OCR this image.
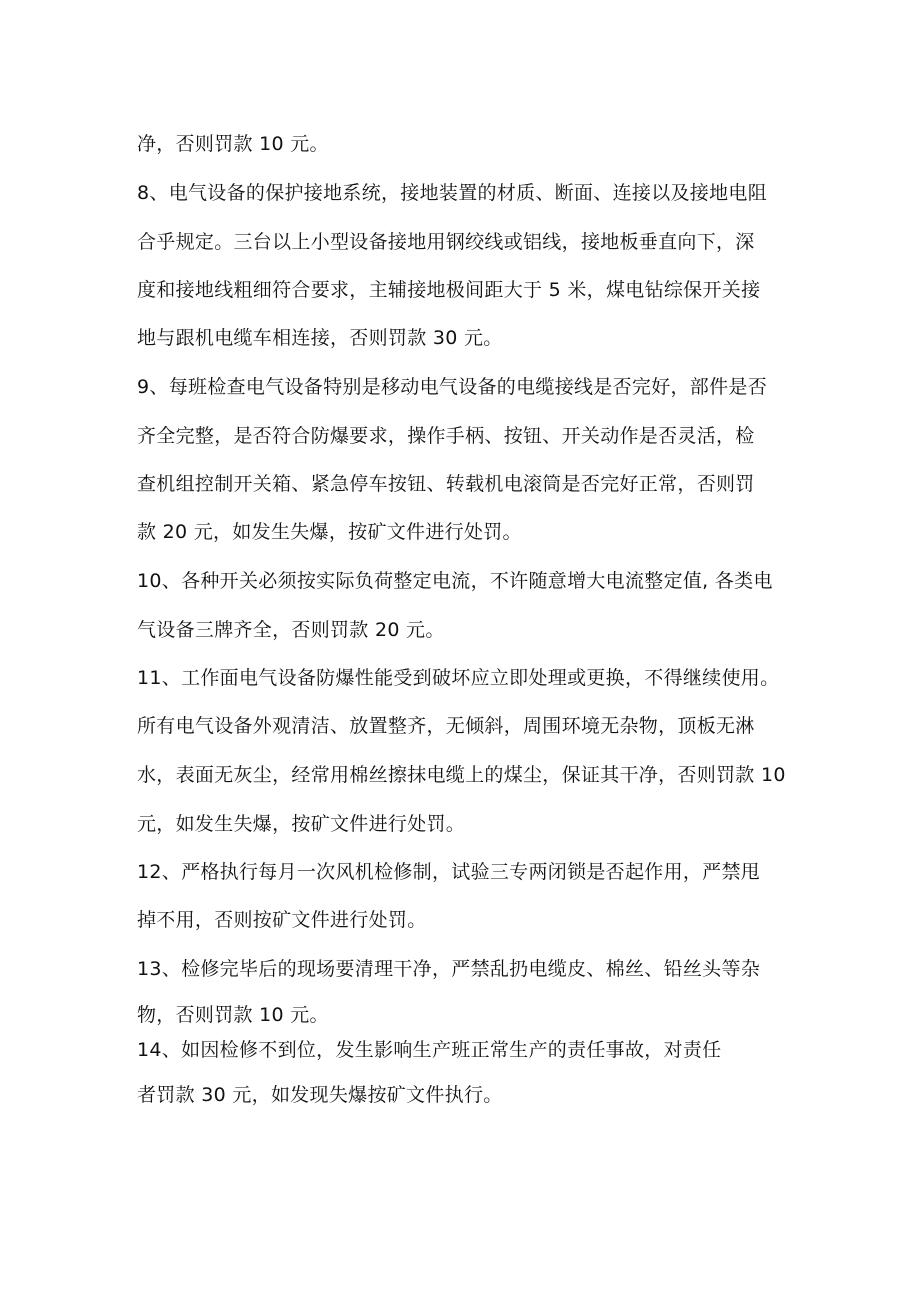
净，否则罚款 10 元。
8、电气设备的保护接地系统，接地装置的材质、断面、连接以及接地电阻
合乎规定。三台以上小型设备接地用钢绞线或铝线，接地板垂直向下，深
度和接地线粗细符合要求，主辅接地极间距大于 5 米，煤电钻综保开关接
地与跟机电缆车相连接，否则罚款 30 元。
9、每班检查电气设备特别是移动电气设备的电缆接线是否完好，部件是否
齐全完整，是否符合防爆要求，操作手柄、按钮、开关动作是否灵活，检
查机组控制开关箱、紧急停车按钮、转载机电滚筒是否完好正常，否则罚
款 20 元，如发生失爆，按矿文件进行处罚。
10、各种开关必须按实际负荷整定电流，不许随意增大电流整定值, 各类电
气设备三牌齐全，否则罚款 20 元。
11、工作面电气设备防爆性能受到破坏应立即处理或更换，不得继续使用。
所有电气设备外观清洁、放置整齐，无倾斜，周围环境无杂物，顶板无淋
水，表面无灰尘，经常用棉丝擦抹电缆上的煤尘，保证其干净，否则罚款 10
元，如发生失爆，按矿文件进行处罚。
12、严格执行每月一次风机检修制，试验三专两闭锁是否起作用，严禁甩
掉不用，否则按矿文件进行处罚。
13、检修完毕后的现场要清理干净，严禁乱扔电缆皮、棉丝、铅丝头等杂
物，否则罚款 10 元。
14、如因检修不到位，发生影响生产班正常生产的责任事故，对责任
者罚款 30 元，如发现失爆按矿文件执行。
